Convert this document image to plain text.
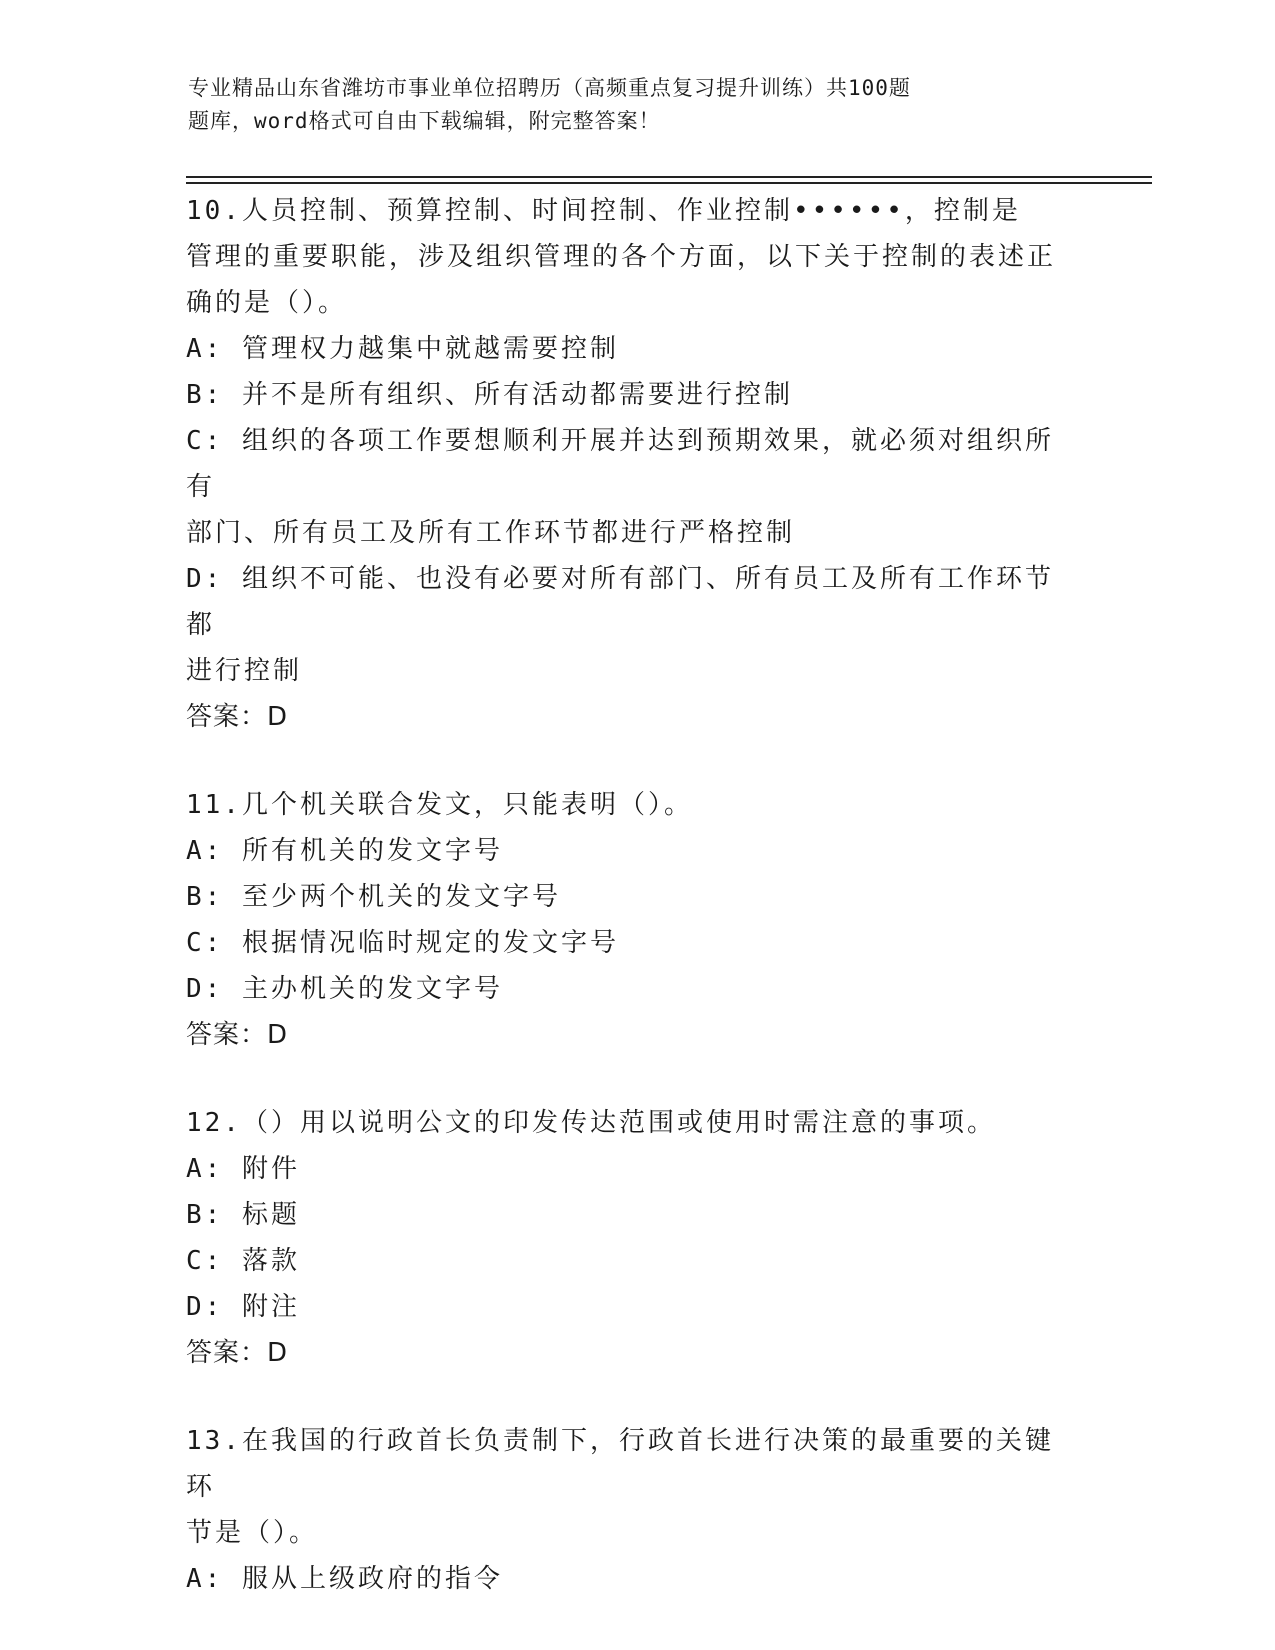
专业精品山东省潍坊市事业单位招聘历（高频重点复习提升训练）共100题
题库，word格式可自由下载编辑，附完整答案！
10.人员控制、预算控制、时间控制、作业控制••••••，控制是
管理的重要职能，涉及组织管理的各个方面，以下关于控制的表述正
确的是（）。
A: 管理权力越集中就越需要控制
B: 并不是所有组织、所有活动都需要进行控制
C: 组织的各项工作要想顺利开展并达到预期效果，就必须对组织所有
部门、所有员工及所有工作环节都进行严格控制
D: 组织不可能、也没有必要对所有部门、所有员工及所有工作环节都
进行控制
答案：D
11.几个机关联合发文，只能表明（）。
A: 所有机关的发文字号
B: 至少两个机关的发文字号
C: 根据情况临时规定的发文字号
D: 主办机关的发文字号
答案：D
12.（）用以说明公文的印发传达范围或使用时需注意的事项。
A: 附件
B: 标题
C: 落款
D: 附注
答案：D
13.在我国的行政首长负责制下，行政首长进行决策的最重要的关键环
节是（）。
A: 服从上级政府的指令
